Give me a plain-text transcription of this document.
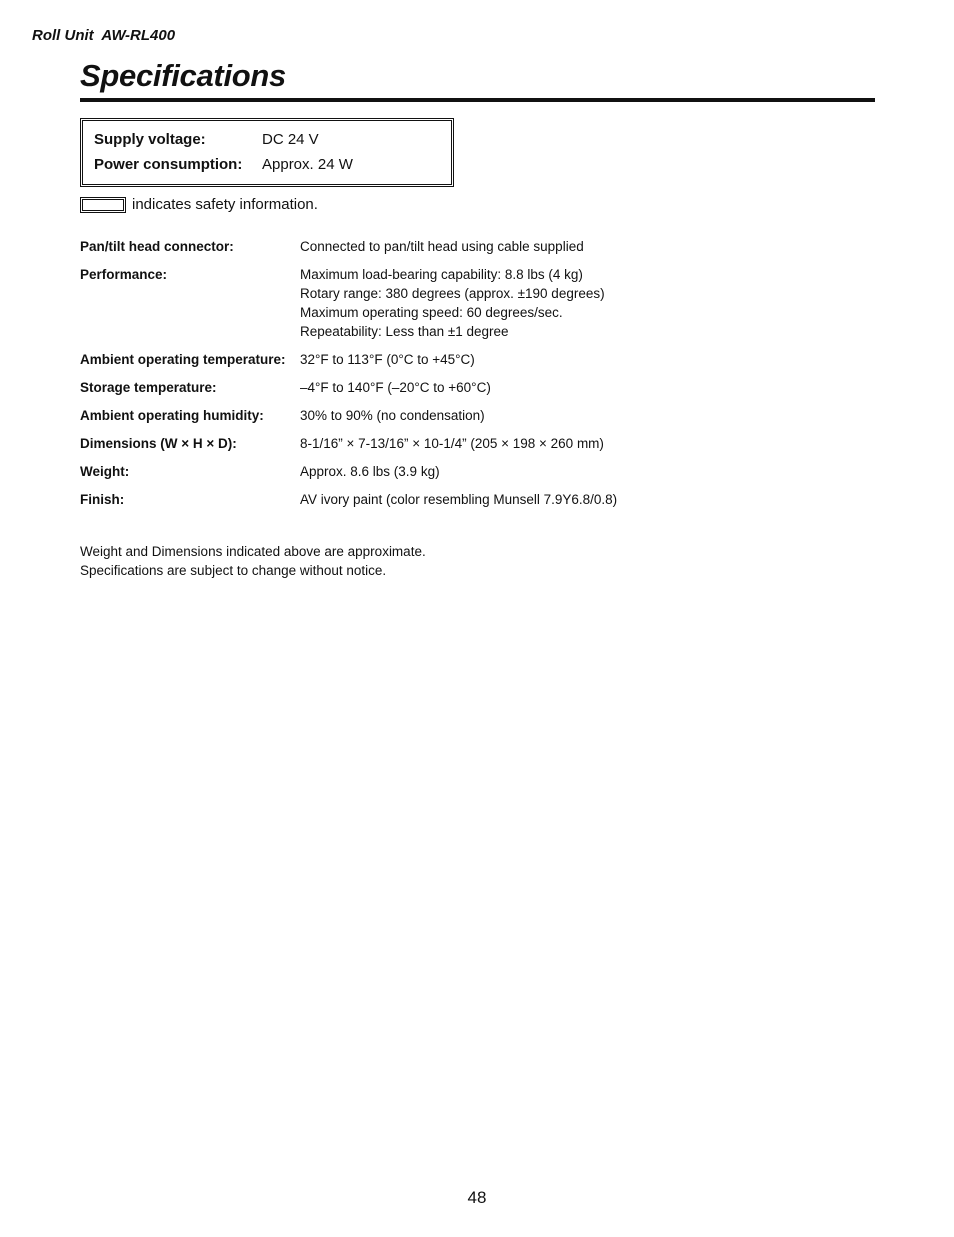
Roll Unit  AW-RL400
Specifications
Supply voltage:	DC 24 V
Power consumption: Approx. 24 W
indicates safety information.
Pan/tilt head connector:	Connected to pan/tilt head using cable supplied
Performance:	Maximum load-bearing capability: 8.8 lbs (4 kg)
Rotary range: 380 degrees (approx. ±190 degrees)
Maximum operating speed: 60 degrees/sec.
Repeatability: Less than ±1 degree
Ambient operating temperature:	32°F to 113°F (0°C to +45°C)
Storage temperature:	–4°F to 140°F (–20°C to +60°C)
Ambient operating humidity:	30% to 90% (no condensation)
Dimensions (W × H × D):	8-1/16” × 7-13/16” × 10-1/4” (205 × 198 × 260 mm)
Weight:	Approx. 8.6 lbs (3.9 kg)
Finish:	AV ivory paint (color resembling Munsell 7.9Y6.8/0.8)
Weight and Dimensions indicated above are approximate.
Specifications are subject to change without notice.
48
